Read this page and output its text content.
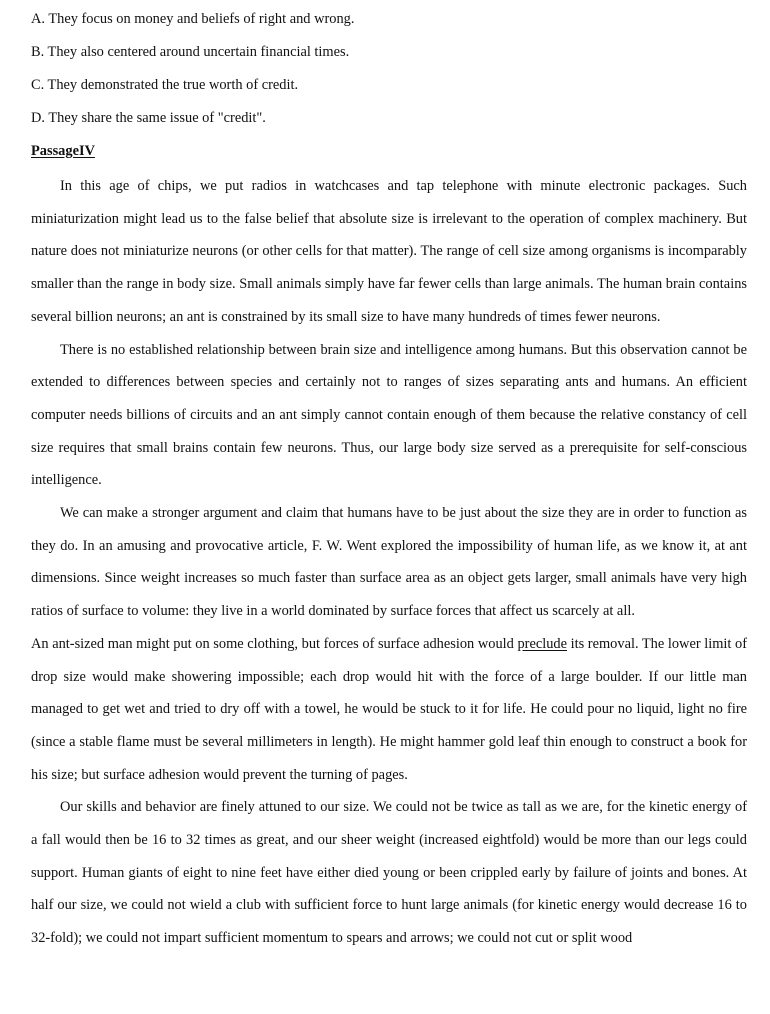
A. They focus on money and beliefs of right and wrong.
B. They also centered around uncertain financial times.
C. They demonstrated the true worth of credit.
D. They share the same issue of "credit".
PassageIV

In this age of chips, we put radios in watchcases and tap telephone with minute electronic packages. Such miniaturization might lead us to the false belief that absolute size is irrelevant to the operation of complex machinery. But nature does not miniaturize neurons (or other cells for that matter). The range of cell size among organisms is incomparably smaller than the range in body size. Small animals simply have far fewer cells than large animals. The human brain contains several billion neurons; an ant is constrained by its small size to have many hundreds of times fewer neurons.

There is no established relationship between brain size and intelligence among humans. But this observation cannot be extended to differences between species and certainly not to ranges of sizes separating ants and humans. An efficient computer needs billions of circuits and an ant simply cannot contain enough of them because the relative constancy of cell size requires that small brains contain few neurons. Thus, our large body size served as a prerequisite for self-conscious intelligence.

We can make a stronger argument and claim that humans have to be just about the size they are in order to function as they do. In an amusing and provocative article, F. W. Went explored the impossibility of human life, as we know it, at ant dimensions. Since weight increases so much faster than surface area as an object gets larger, small animals have very high ratios of surface to volume: they live in a world dominated by surface forces that affect us scarcely at all.

An ant-sized man might put on some clothing, but forces of surface adhesion would preclude its removal. The lower limit of drop size would make showering impossible; each drop would hit with the force of a large boulder. If our little man managed to get wet and tried to dry off with a towel, he would be stuck to it for life. He could pour no liquid, light no fire (since a stable flame must be several millimeters in length). He might hammer gold leaf thin enough to construct a book for his size; but surface adhesion would prevent the turning of pages.

Our skills and behavior are finely attuned to our size. We could not be twice as tall as we are, for the kinetic energy of a fall would then be 16 to 32 times as great, and our sheer weight (increased eightfold) would be more than our legs could support. Human giants of eight to nine feet have either died young or been crippled early by failure of joints and bones. At half our size, we could not wield a club with sufficient force to hunt large animals (for kinetic energy would decrease 16 to 32-fold); we could not impart sufficient momentum to spears and arrows; we could not cut or split wood
